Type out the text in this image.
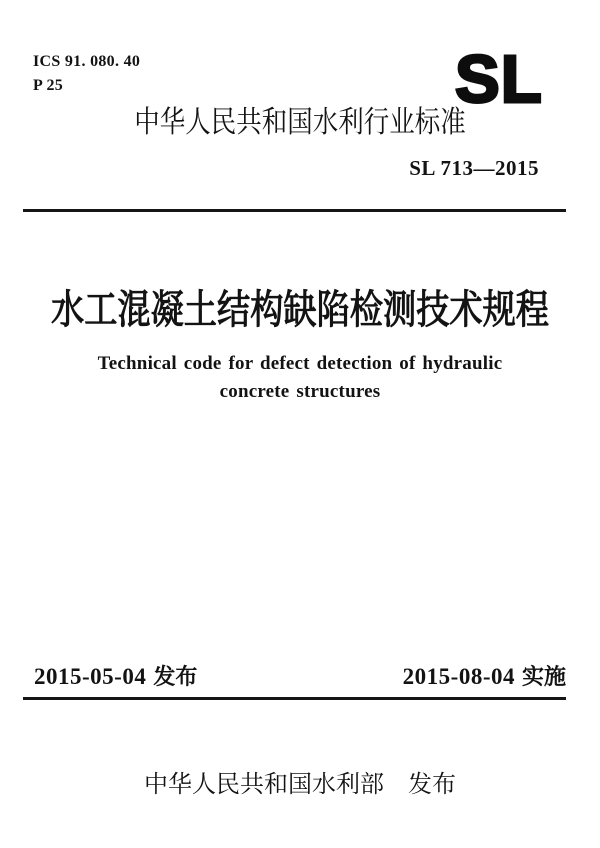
ICS 91. 080. 40
P 25	SL
中华人民共和国水利行业标准
SL 713—2015
水工混凝土结构缺陷检测技术规程
Technical code for defect detection of hydraulic
concrete structures
2015-05-04 发布	2015-08-04 实施
中华人民共和国水利部 发布
